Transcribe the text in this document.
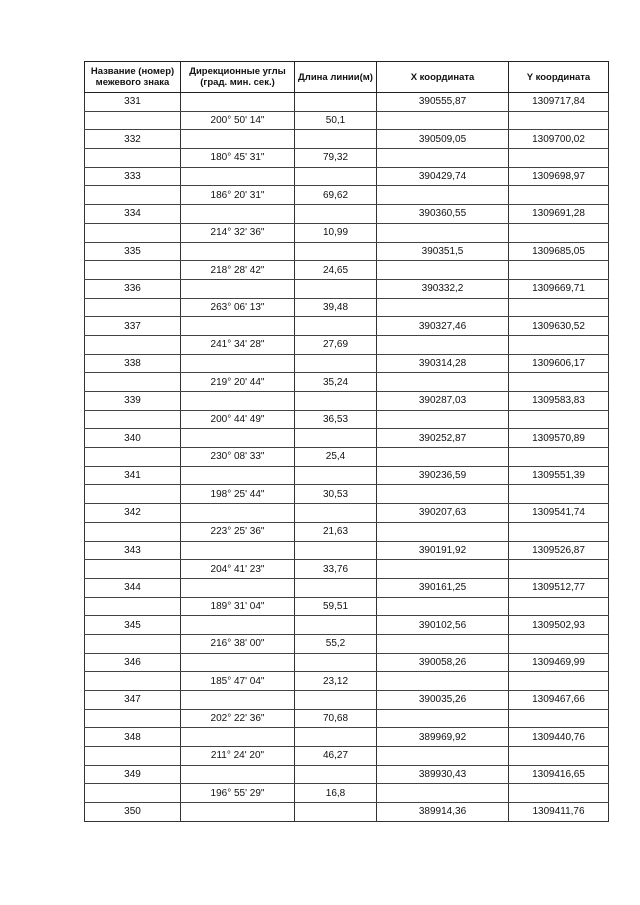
Название (номер) межевого знака	Дирекционные углы (град. мин. сек.)	Длина линии(м)	X координата	Y координата
331			390555,87	1309717,84
	200° 50' 14"	50,1		
332			390509,05	1309700,02
	180° 45' 31"	79,32		
333			390429,74	1309698,97
	186° 20' 31"	69,62		
334			390360,55	1309691,28
	214° 32' 36"	10,99		
335			390351,5	1309685,05
	218° 28' 42"	24,65		
336			390332,2	1309669,71
	263° 06' 13"	39,48		
337			390327,46	1309630,52
	241° 34' 28"	27,69		
338			390314,28	1309606,17
	219° 20' 44"	35,24		
339			390287,03	1309583,83
	200° 44' 49"	36,53		
340			390252,87	1309570,89
	230° 08' 33"	25,4		
341			390236,59	1309551,39
	198° 25' 44"	30,53		
342			390207,63	1309541,74
	223° 25' 36"	21,63		
343			390191,92	1309526,87
	204° 41' 23"	33,76		
344			390161,25	1309512,77
	189° 31' 04"	59,51		
345			390102,56	1309502,93
	216° 38' 00"	55,2		
346			390058,26	1309469,99
	185° 47' 04"	23,12		
347			390035,26	1309467,66
	202° 22' 36"	70,68		
348			389969,92	1309440,76
	211° 24' 20"	46,27		
349			389930,43	1309416,65
	196° 55' 29"	16,8		
350			389914,36	1309411,76
